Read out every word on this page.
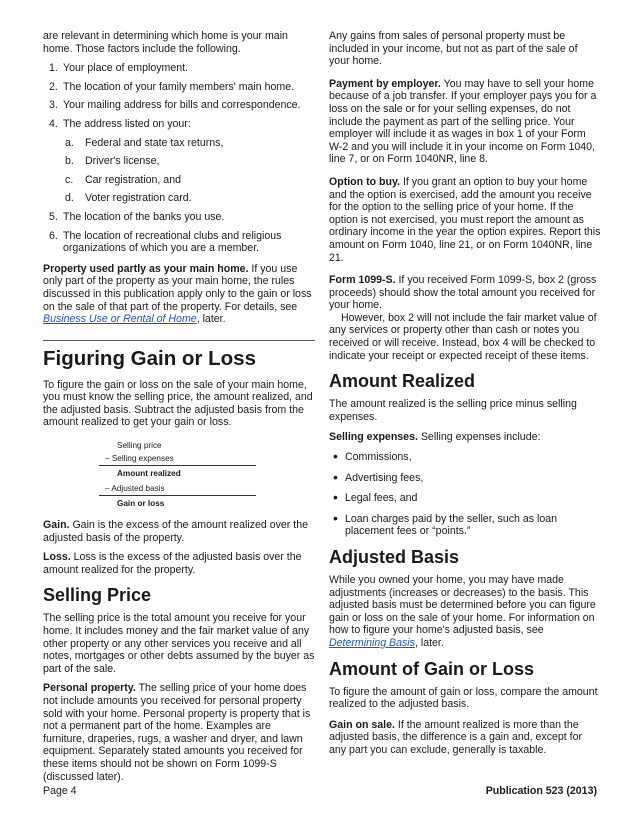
are relevant in determining which home is your main home. Those factors include the following.

1. Your place of employment.
2. The location of your family members' main home.
3. Your mailing address for bills and correspondence.
4. The address listed on your:
a. Federal and state tax returns,
b. Driver's license,
c. Car registration, and
d. Voter registration card.
5. The location of the banks you use.
6. The location of recreational clubs and religious organizations of which you are a member.

Property used partly as your main home. If you use only part of the property as your main home, the rules discussed in this publication apply only to the gain or loss on the sale of that part of the property. For details, see Business Use or Rental of Home, later.

Figuring Gain or Loss

To figure the gain or loss on the sale of your main home, you must know the selling price, the amount realized, and the adjusted basis. Subtract the adjusted basis from the amount realized to get your gain or loss.

Selling price
– Selling expenses
Amount realized
– Adjusted basis
Gain or loss

Gain. Gain is the excess of the amount realized over the adjusted basis of the property.

Loss. Loss is the excess of the adjusted basis over the amount realized for the property.

Selling Price

The selling price is the total amount you receive for your home. It includes money and the fair market value of any other property or any other services you receive and all notes, mortgages or other debts assumed by the buyer as part of the sale.

Personal property. The selling price of your home does not include amounts you received for personal property sold with your home. Personal property is property that is not a permanent part of the home. Examples are furniture, draperies, rugs, a washer and dryer, and lawn equipment. Separately stated amounts you received for these items should not be shown on Form 1099-S (discussed later).

Any gains from sales of personal property must be included in your income, but not as part of the sale of your home.

Payment by employer. You may have to sell your home because of a job transfer. If your employer pays you for a loss on the sale or for your selling expenses, do not include the payment as part of the selling price. Your employer will include it as wages in box 1 of your Form W-2 and you will include it in your income on Form 1040, line 7, or on Form 1040NR, line 8.

Option to buy. If you grant an option to buy your home and the option is exercised, add the amount you receive for the option to the selling price of your home. If the option is not exercised, you must report the amount as ordinary income in the year the option expires. Report this amount on Form 1040, line 21, or on Form 1040NR, line 21.

Form 1099-S. If you received Form 1099-S, box 2 (gross proceeds) should show the total amount you received for your home.

However, box 2 will not include the fair market value of any services or property other than cash or notes you received or will receive. Instead, box 4 will be checked to indicate your receipt or expected receipt of these items.

Amount Realized

The amount realized is the selling price minus selling expenses.

Selling expenses. Selling expenses include:

• Commissions,
• Advertising fees,
• Legal fees, and
• Loan charges paid by the seller, such as loan placement fees or “points.”
Adjusted Basis

While you owned your home, you may have made adjustments (increases or decreases) to the basis. This adjusted basis must be determined before you can figure gain or loss on the sale of your home. For information on how to figure your home's adjusted basis, see Determining Basis, later.

Amount of Gain or Loss

To figure the amount of gain or loss, compare the amount realized to the adjusted basis.

Gain on sale. If the amount realized is more than the adjusted basis, the difference is a gain and, except for any part you can exclude, generally is taxable.

Page 4	Publication 523 (2013)
